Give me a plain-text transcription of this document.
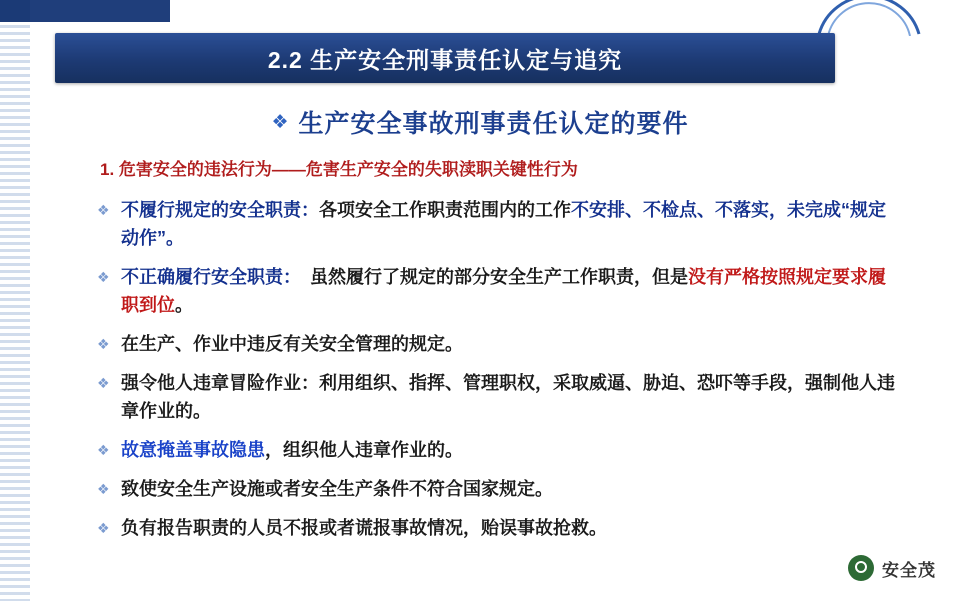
2.2 生产安全刑事责任认定与追究
❖ 生产安全事故刑事责任认定的要件
1. 危害安全的违法行为——危害生产安全的失职渎职关键性行为
❖ 不履行规定的安全职责：各项安全工作职责范围内的工作不安排、不检点、不落实，未完成“规定动作”。
❖ 不正确履行安全职责：　虽然履行了规定的部分安全生产工作职责，但是没有严格按照规定要求履职到位。
❖ 在生产、作业中违反有关安全管理的规定。
❖ 强令他人违章冒险作业：利用组织、指挥、管理职权，采取威逼、胁迫、恐吓等手段，强制他人违章作业的。
❖ 故意掩盖事故隐患，组织他人违章作业的。
❖ 致使安全生产设施或者安全生产条件不符合国家规定。
❖ 负有报告职责的人员不报或者谎报事故情况，贻误事故抢救。
安全茂
